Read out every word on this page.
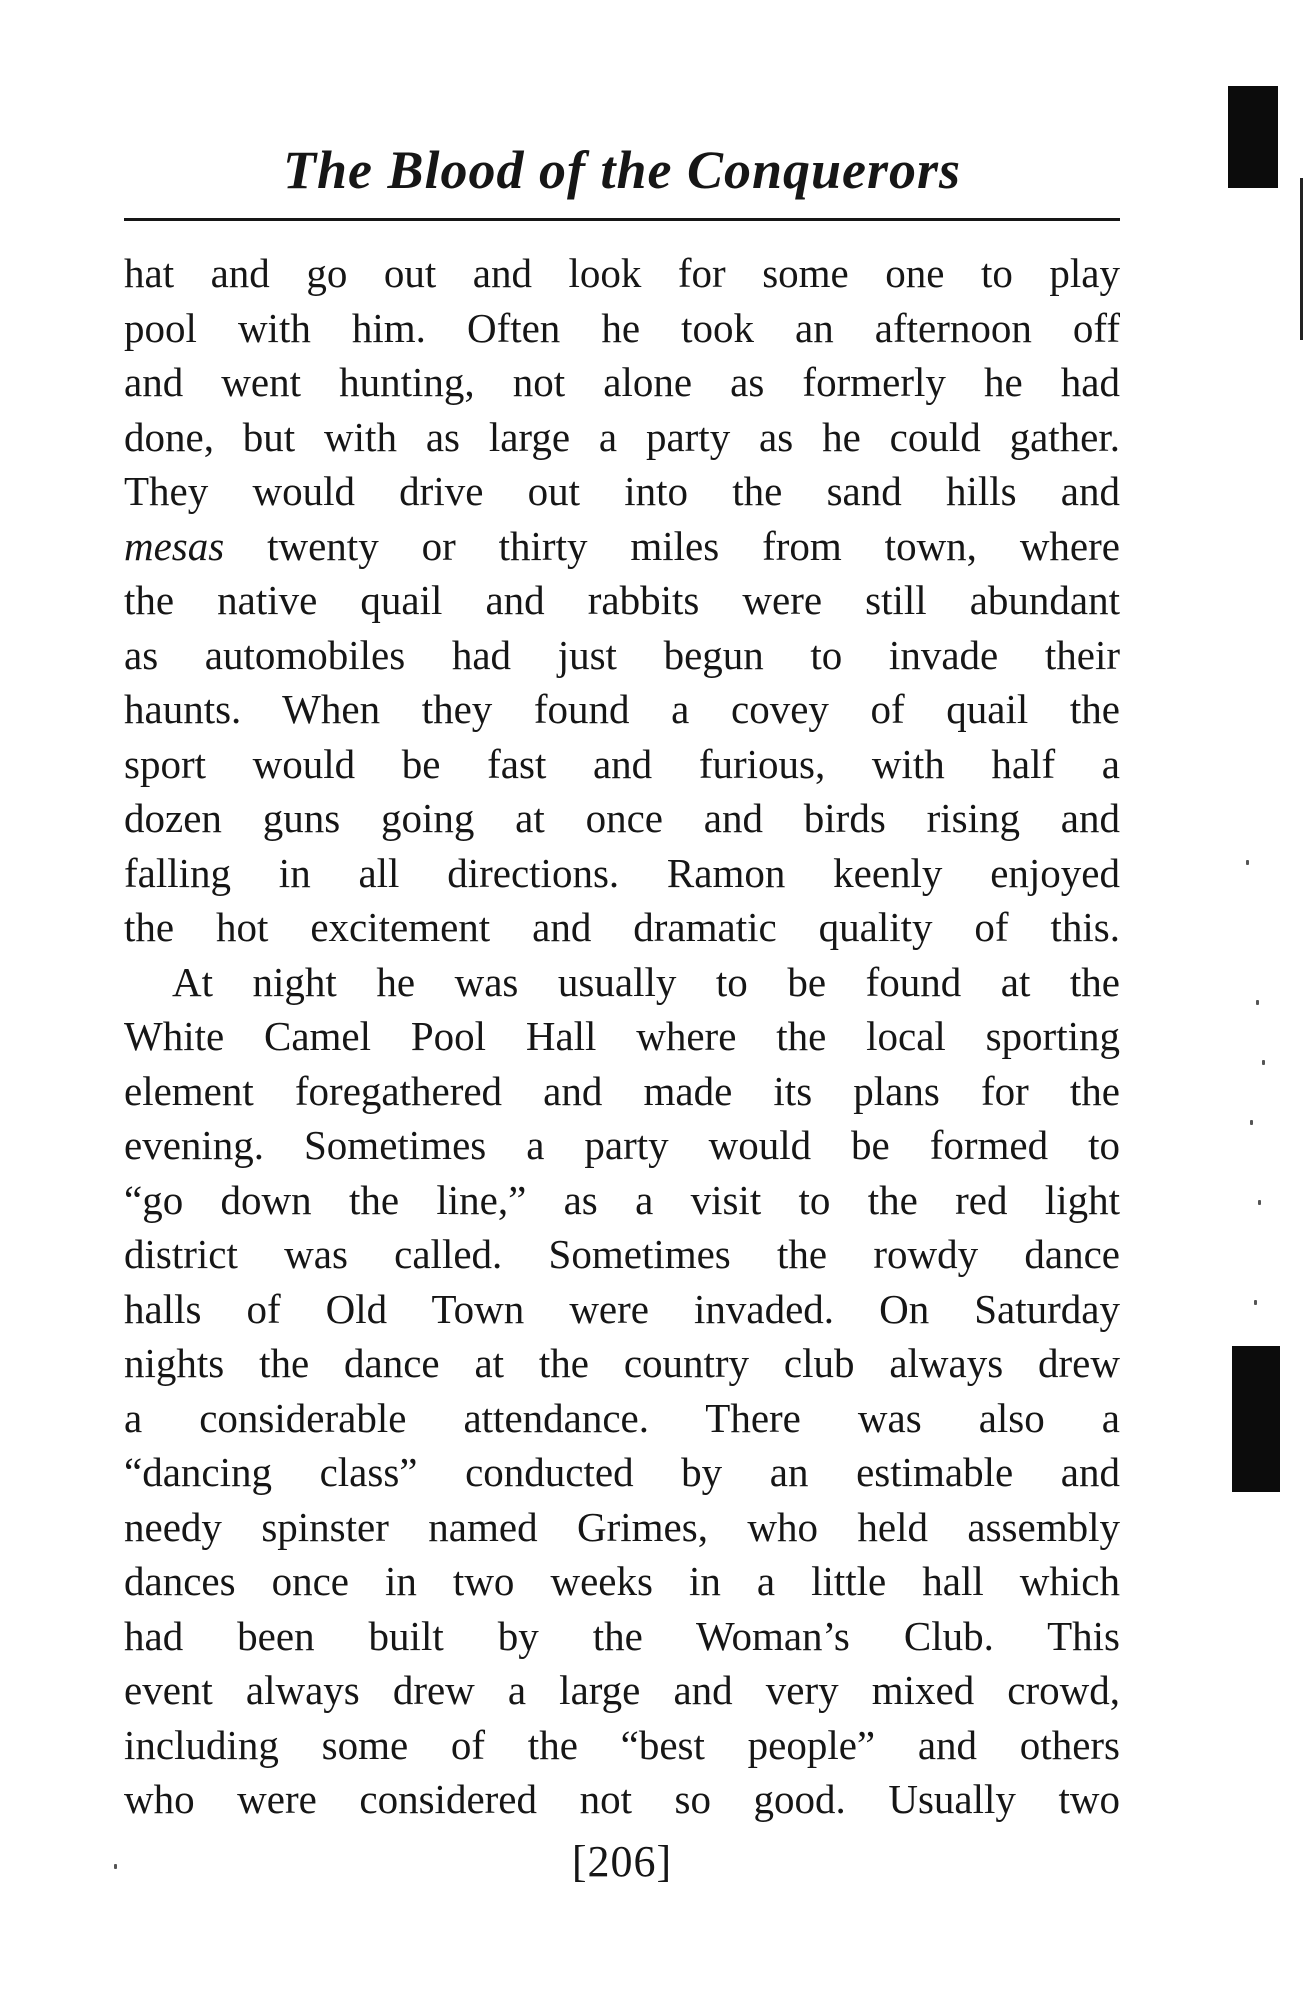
The Blood of the Conquerors
hat and go out and look for some one to play
pool with him. Often he took an afternoon off
and went hunting, not alone as formerly he had
done, but with as large a party as he could gather.
They would drive out into the sand hills and
mesas twenty or thirty miles from town, where
the native quail and rabbits were still abundant
as automobiles had just begun to invade their
haunts. When they found a covey of quail the
sport would be fast and furious, with half a
dozen guns going at once and birds rising and
falling in all directions. Ramon keenly enjoyed
the hot excitement and dramatic quality of this.
At night he was usually to be found at the
White Camel Pool Hall where the local sporting
element foregathered and made its plans for the
evening. Sometimes a party would be formed to
“go down the line,” as a visit to the red light
district was called. Sometimes the rowdy dance
halls of Old Town were invaded. On Saturday
nights the dance at the country club always drew
a considerable attendance. There was also a
“dancing class” conducted by an estimable and
needy spinster named Grimes, who held assembly
dances once in two weeks in a little hall which
had been built by the Woman’s Club. This
event always drew a large and very mixed crowd,
including some of the “best people” and others
who were considered not so good. Usually two
[206]
